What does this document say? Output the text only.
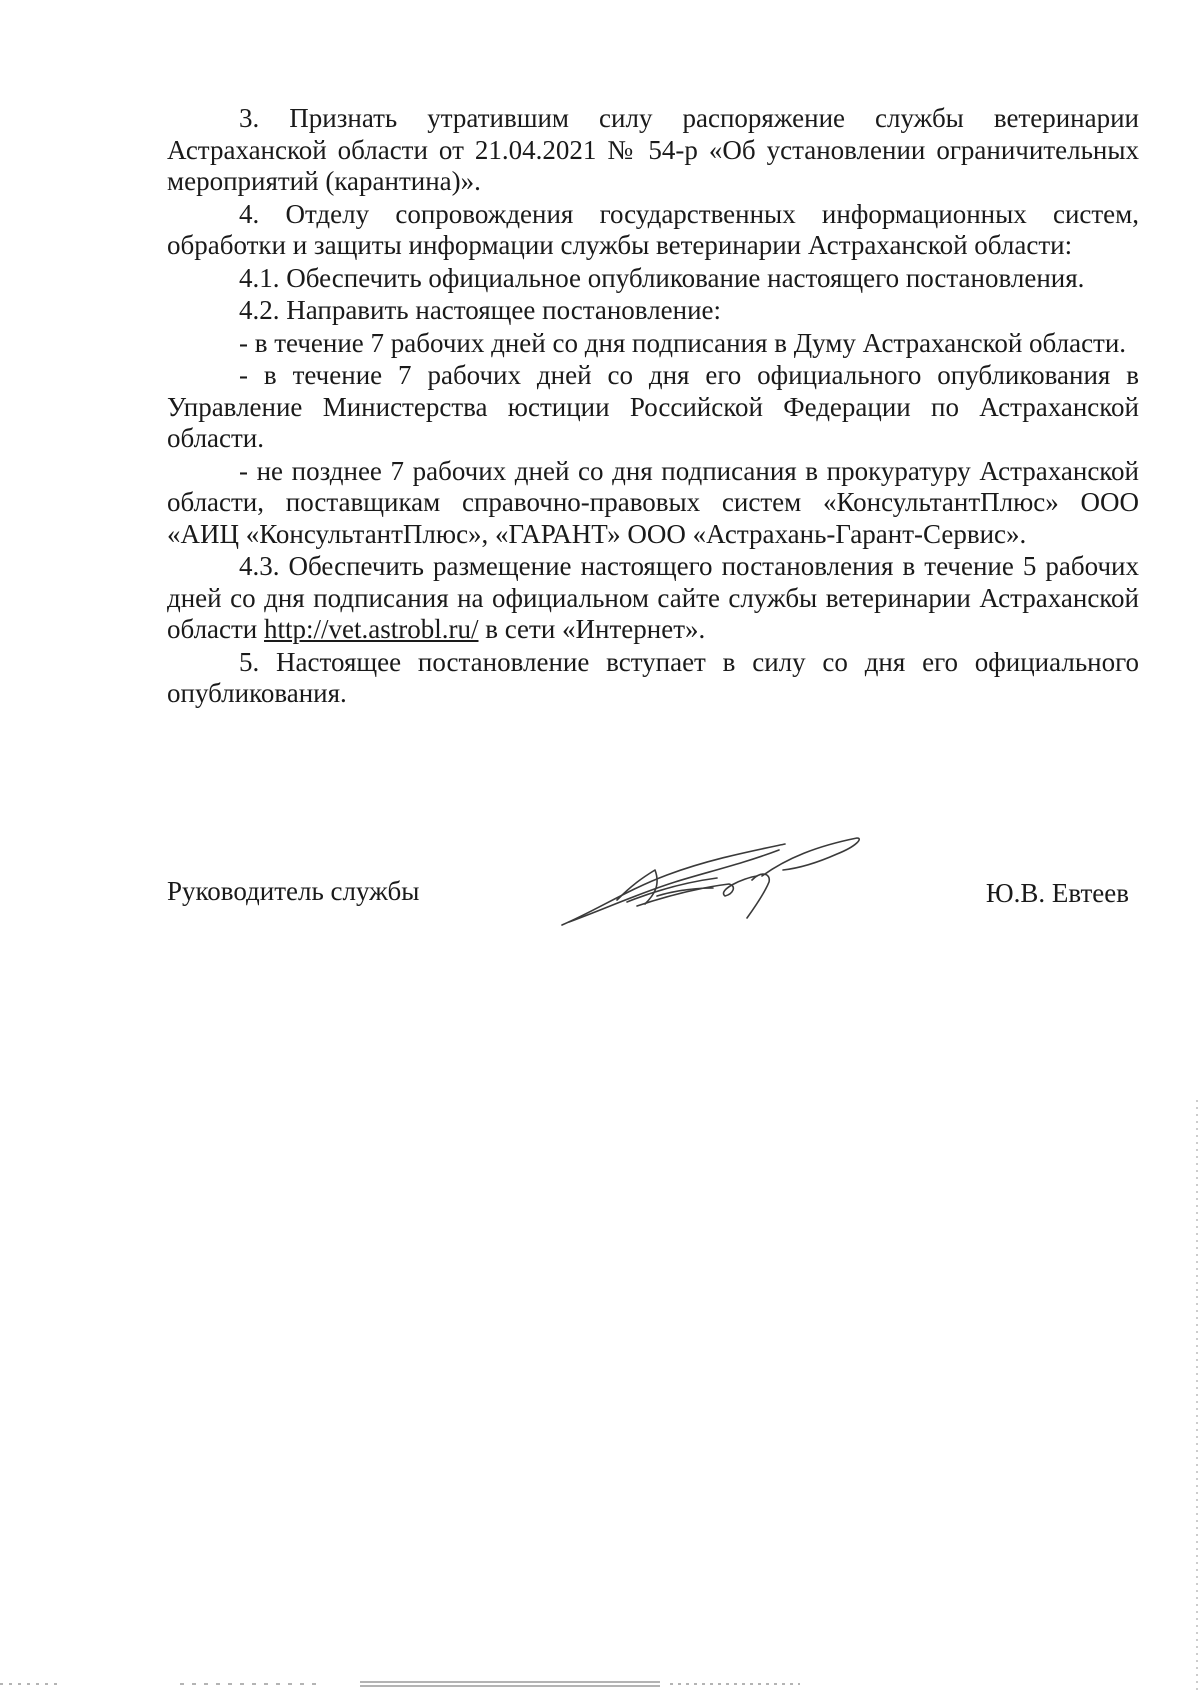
3. Признать утратившим силу распоряжение службы ветеринарии Астраханской области от 21.04.2021 № 54-р «Об установлении ограничительных мероприятий (карантина)».

4. Отделу сопровождения государственных информационных систем, обработки и защиты информации службы ветеринарии Астраханской области:

4.1. Обеспечить официальное опубликование настоящего постановления.

4.2. Направить настоящее постановление:

- в течение 7 рабочих дней со дня подписания в Думу Астраханской области.

- в течение 7 рабочих дней со дня его официального опубликования в Управление Министерства юстиции Российской Федерации по Астраханской области.

- не позднее 7 рабочих дней со дня подписания в прокуратуру Астраханской области, поставщикам справочно-правовых систем «КонсультантПлюс» ООО «АИЦ «КонсультантПлюс», «ГАРАНТ» ООО «Астрахань-Гарант-Сервис».

4.3. Обеспечить размещение настоящего постановления в течение 5 рабочих дней со дня подписания на официальном сайте службы ветеринарии Астраханской области http://vet.astrobl.ru/ в сети «Интернет».

5. Настоящее постановление вступает в силу со дня его официального опубликования.

Руководитель службы	Ю.В. Евтеев
